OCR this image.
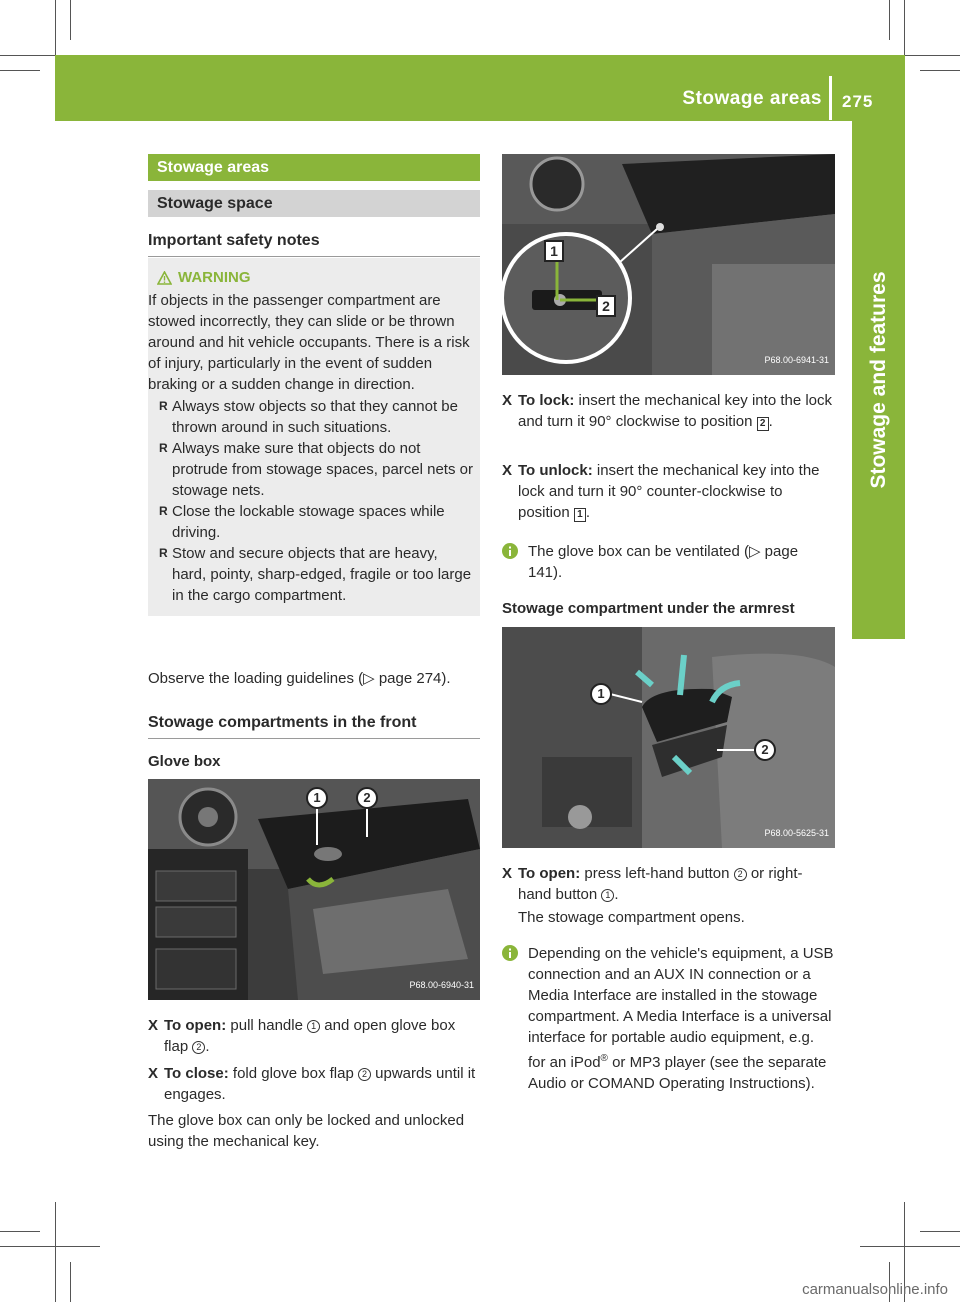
Stowage areas 275
Stowage and features
Stowage areas
Stowage space
Important safety notes
WARNING
If objects in the passenger compartment are stowed incorrectly, they can slide or be thrown around and hit vehicle occupants. There is a risk of injury, particularly in the event of sudden braking or a sudden change in direction.
R Always stow objects so that they cannot be thrown around in such situations.
R Always make sure that objects do not protrude from stowage spaces, parcel nets or stowage nets.
R Close the lockable stowage spaces while driving.
R Stow and secure objects that are heavy, hard, pointy, sharp-edged, fragile or too large in the cargo compartment.
Observe the loading guidelines (▷ page 274).
Stowage compartments in the front
Glove box
1	2
P68.00-6940-31
X To open: pull handle 1 and open glove box flap 2 .
X To close: fold glove box flap 2 upwards until it engages.
The glove box can only be locked and unlocked using the mechanical key.
1
2
P68.00-6941-31
X To lock: insert the mechanical key into the lock and turn it 90° clockwise to position 2 .
X To unlock: insert the mechanical key into the lock and turn it 90° counter-clockwise to position 1 .
The glove box can be ventilated (▷ page 141).
Stowage compartment under the armrest
1
2
P68.00-5625-31
X To open: press left-hand button 2 or right-hand button 1 .
The stowage compartment opens.
Depending on the vehicle's equipment, a USB connection and an AUX IN connection or a Media Interface are installed in the stowage compartment. A Media Interface is a universal interface for portable audio equipment, e.g. for an iPod® or MP3 player (see the separate Audio or COMAND Operating Instructions).
carmanualsonline.info
